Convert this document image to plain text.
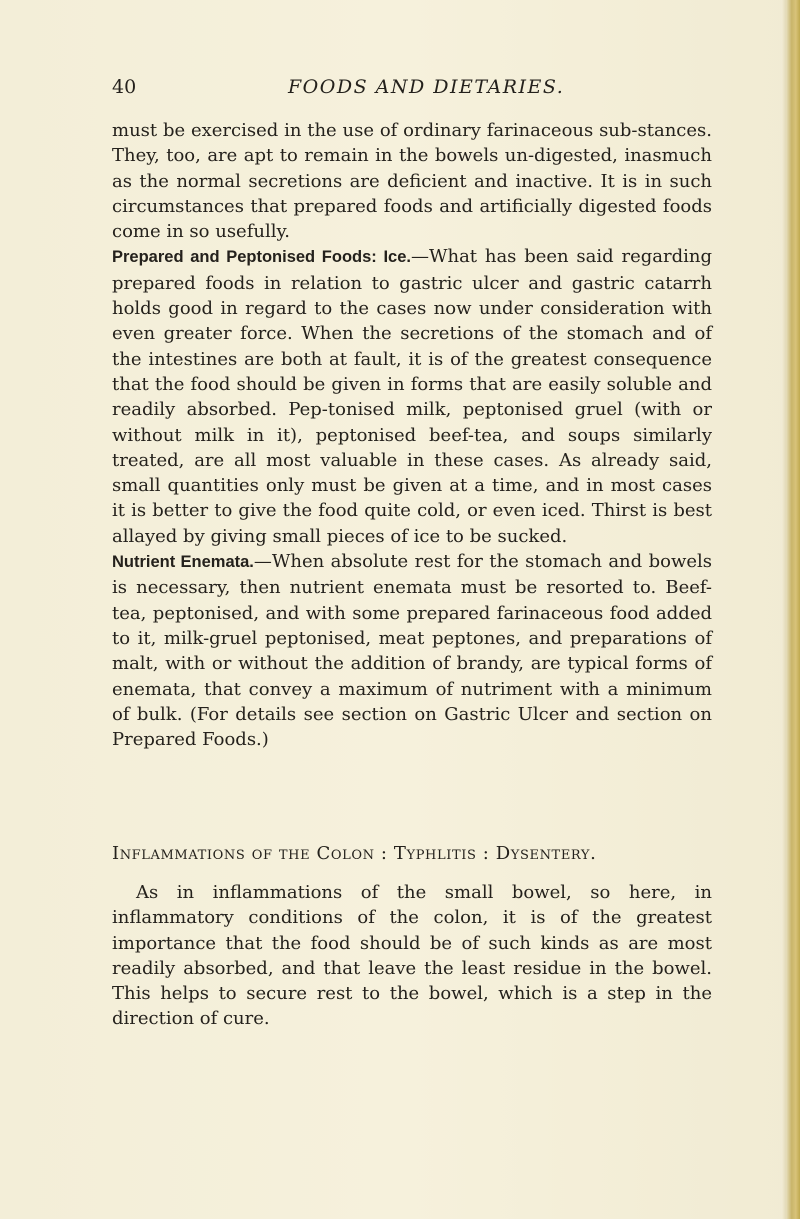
40	FOODS AND DIETARIES.

must be exercised in the use of ordinary farinaceous sub-stances. They, too, are apt to remain in the bowels un-digested, inasmuch as the normal secretions are deficient and inactive. It is in such circumstances that prepared foods and artificially digested foods come in so usefully.

Prepared and Peptonised Foods: Ice.—What has been said regarding prepared foods in relation to gastric ulcer and gastric catarrh holds good in regard to the cases now under consideration with even greater force. When the secretions of the stomach and of the intestines are both at fault, it is of the greatest consequence that the food should be given in forms that are easily soluble and readily absorbed. Pep-tonised milk, peptonised gruel (with or without milk in it), peptonised beef-tea, and soups similarly treated, are all most valuable in these cases. As already said, small quantities only must be given at a time, and in most cases it is better to give the food quite cold, or even iced. Thirst is best allayed by giving small pieces of ice to be sucked.

Nutrient Enemata.—When absolute rest for the stomach and bowels is necessary, then nutrient enemata must be resorted to. Beef-tea, peptonised, and with some prepared farinaceous food added to it, milk-gruel peptonised, meat peptones, and preparations of malt, with or without the addition of brandy, are typical forms of enemata, that convey a maximum of nutriment with a minimum of bulk. (For details see section on Gastric Ulcer and section on Prepared Foods.)

Inflammations of the Colon : Typhlitis : Dysentery.

As in inflammations of the small bowel, so here, in inflammatory conditions of the colon, it is of the greatest importance that the food should be of such kinds as are most readily absorbed, and that leave the least residue in the bowel. This helps to secure rest to the bowel, which is a step in the direction of cure.
